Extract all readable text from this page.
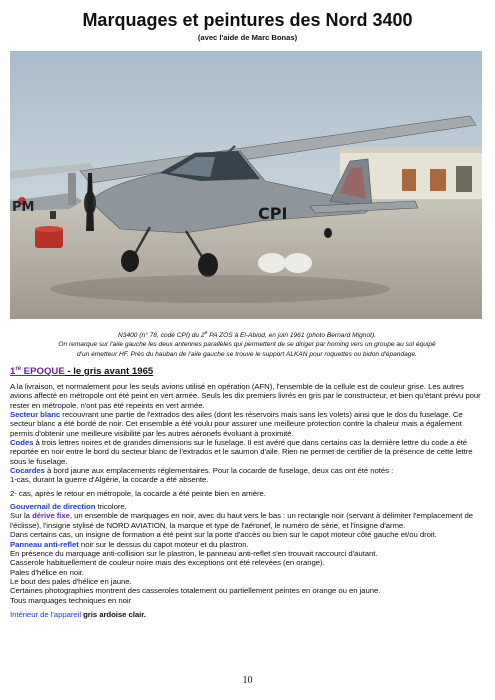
Marquages et peintures des Nord 3400
(avec l'aide de Marc Bonas)
PM	CPI
N3400 (n° 78, codé CPI) du 2e PA ZOS à El-Abiod, en juin 1961 (photo Bernard Mignot).
On remarque sur l'aile gauche les deux antennes parallèles qui permettent de se diriger par homing vers un groupe au sol équipé
d'un émetteur HF. Près du hauban de l'aile gauche se trouve le support ALKAN pour roquettes ou bidon d'épandage.
1re EPOQUE - le gris avant 1965

A la livraison, et normalement pour les seuls avions utilisé en opération (AFN), l'ensemble de la cellule est de couleur grise. Les autres avions affecté en métropole ont été peint en vert armée. Seuls les dix premiers livrés en gris par le constructeur, et bien qu'étant prévu pour rester en métropole, n'ont pas été repeints en vert armée.

Secteur blanc recouvrant une partie de l'extrados des ailes (dont les réservoirs mais sans les volets) ainsi que le dos du fuselage. Ce secteur blanc a été bordé de noir. Cet ensemble a été voulu pour assurer une meilleure protection contre la chaleur mais a également permis d'obtenir une meilleure visibilité par les autres aéronefs évoluant à proximité.

Codes à trois lettres noires et de grandes dimensions sur le fuselage. Il est avéré que dans certains cas la dernière lettre du code a été reportée en noir entre le bord du secteur blanc de l'extrados et le saumon d'aile. Rien ne permet de certifier de la présence de cette lettre sous le fuselage.

Cocardes à bord jaune aux emplacements réglementaires. Pour la cocarde de fuselage, deux cas ont été notés :

1-cas, durant la guerre d'Algérie, la cocarde a été absente.

2- cas, après le retour en métropole, la cocarde a été peinte bien en arrière.

Gouvernail de direction tricolore.

Sur la dérive fixe, un ensemble de marquages en noir, avec du haut vers le bas : un rectangle noir (servant à délimiter l'emplacement de l'éclisse), l'insigne stylisé de NORD AVIATION, la marque et type de l'aéronef, le numéro de série, et l'insigne d'arme.

Dans certains cas, un insigne de formation a été peint sur la porte d'accès ou bien sur le capot moteur côté gauche et/ou droit.

Panneau anti-reflet noir sur le dessus du capot moteur et du plastron.

En présence du marquage anti-collision sur le plastron, le panneau anti-reflet s'en trouvait raccourci d'autant.

Casserole habituellement de couleur noire mais des exceptions ont été relevées (en orange).

Pales d'hélice en noir.

Le bout des pales d'hélice en jaune.

Certaines photographies montrent des casseroles totalement ou partiellement peintes en orange ou en jaune.

Tous marquages techniques en noir

Intérieur de l'appareil gris ardoise clair.

10
